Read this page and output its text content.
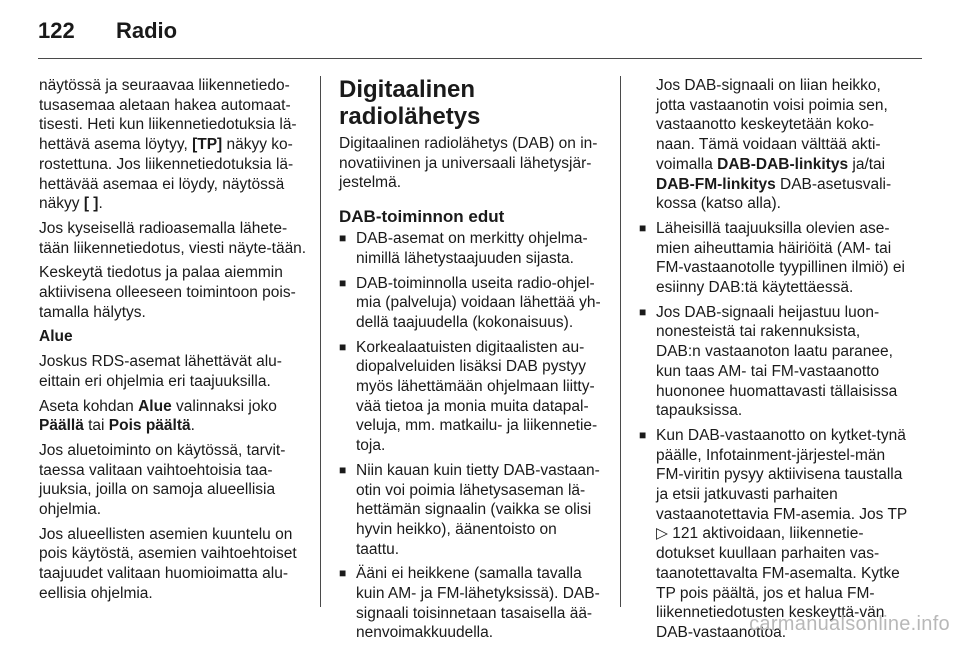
122	Radio

näytössä ja seuraavaa liikennetiedo-tusasemaa aletaan hakea automaat-tisesti. Heti kun liikennetiedotuksia lä-hettävä asema löytyy, [TP] näkyy ko-rostettuna. Jos liikennetiedotuksia lä-hettävää asemaa ei löydy, näytössä näkyy [ ].

Jos kyseisellä radioasemalla lähete-tään liikennetiedotus, viesti näyte-tään.

Keskeytä tiedotus ja palaa aiemmin aktiivisena olleeseen toimintoon pois-tamalla hälytys.

Alue

Joskus RDS-asemat lähettävät alu-eittain eri ohjelmia eri taajuuksilla.

Aseta kohdan Alue valinnaksi joko Päällä tai Pois päältä.

Jos aluetoiminto on käytössä, tarvit-taessa valitaan vaihtoehtoisia taa-juuksia, joilla on samoja alueellisia ohjelmia.

Jos alueellisten asemien kuuntelu on pois käytöstä, asemien vaihtoehtoiset taajuudet valitaan huomioimatta alu-eellisia ohjelmia.

Digitaalinen radiolähetys

Digitaalinen radiolähetys (DAB) on in-novatiivinen ja universaali lähetysjär-jestelmä.

DAB-toiminnon edut
■ DAB-asemat on merkitty ohjelma-nimillä lähetystaajuuden sijasta.
■ DAB-toiminnolla useita radio-ohjel-mia (palveluja) voidaan lähettää yh-dellä taajuudella (kokonaisuus).
■ Korkealaatuisten digitaalisten au-diopalveluiden lisäksi DAB pystyy myös lähettämään ohjelmaan liitty-vää tietoa ja monia muita datapal-veluja, mm. matkailu- ja liikennetie-toja.
■ Niin kauan kuin tietty DAB-vastaan-otin voi poimia lähetysaseman lä-hettämän signaalin (vaikka se olisi hyvin heikko), äänentoisto on taattu.
■ Ääni ei heikkene (samalla tavalla kuin AM- ja FM-lähetyksissä). DAB-signaali toisinnetaan tasaisella ää-nenvoimakkuudella.

Jos DAB-signaali on liian heikko, jotta vastaanotin voisi poimia sen, vastaanotto keskeytetään koko-naan. Tämä voidaan välttää akti-voimalla DAB-DAB-linkitys ja/tai DAB-FM-linkitys DAB-asetusvali-kossa (katso alla).

■ Läheisillä taajuuksilla olevien ase-mien aiheuttamia häiriöitä (AM- tai FM-vastaanotolle tyypillinen ilmiö) ei esiinny DAB:tä käytettäessä.
■ Jos DAB-signaali heijastuu luon-nonesteistä tai rakennuksista, DAB:n vastaanoton laatu paranee, kun taas AM- tai FM-vastaanotto huononee huomattavasti tällaisissa tapauksissa.
■ Kun DAB-vastaanotto on kytket-tynä päälle, Infotainment-järjestel-män FM-viritin pysyy aktiivisena taustalla ja etsii jatkuvasti parhaiten vastaanotettavia FM-asemia. Jos TP ▷ 121 aktivoidaan, liikennetie-dotukset kuullaan parhaiten vas-taanotettavalta FM-asemalta. Kytke TP pois päältä, jos et halua FM-liikennetiedotusten keskeyttä-vän DAB-vastaanottoa.
carmanualsonline.info
